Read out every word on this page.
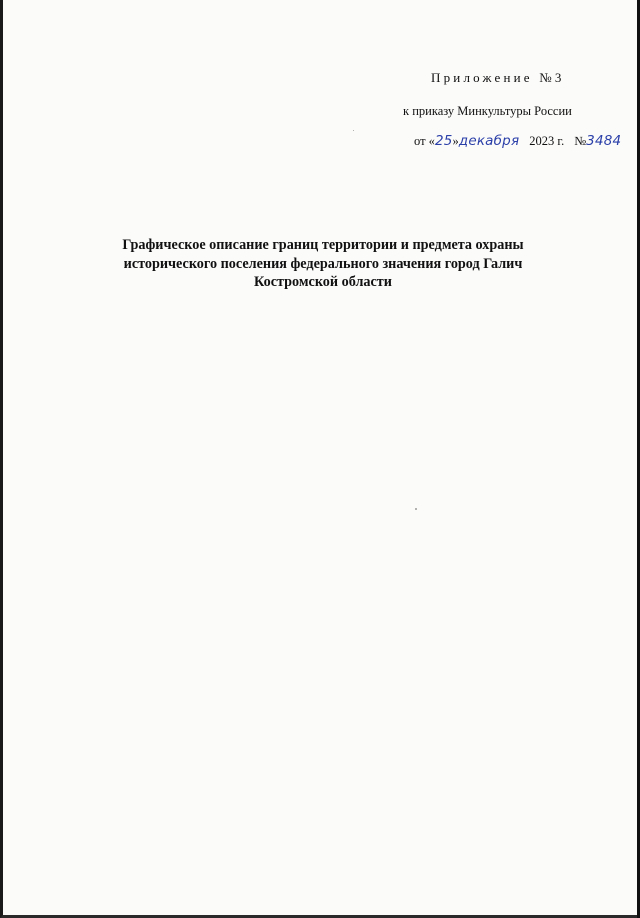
Приложение №3
к приказу Минкультуры России
от «25»декабря 2023 г. №3484
Графическое описание границ территории и предмета охраны
исторического поселения федерального значения город Галич
Костромской области
